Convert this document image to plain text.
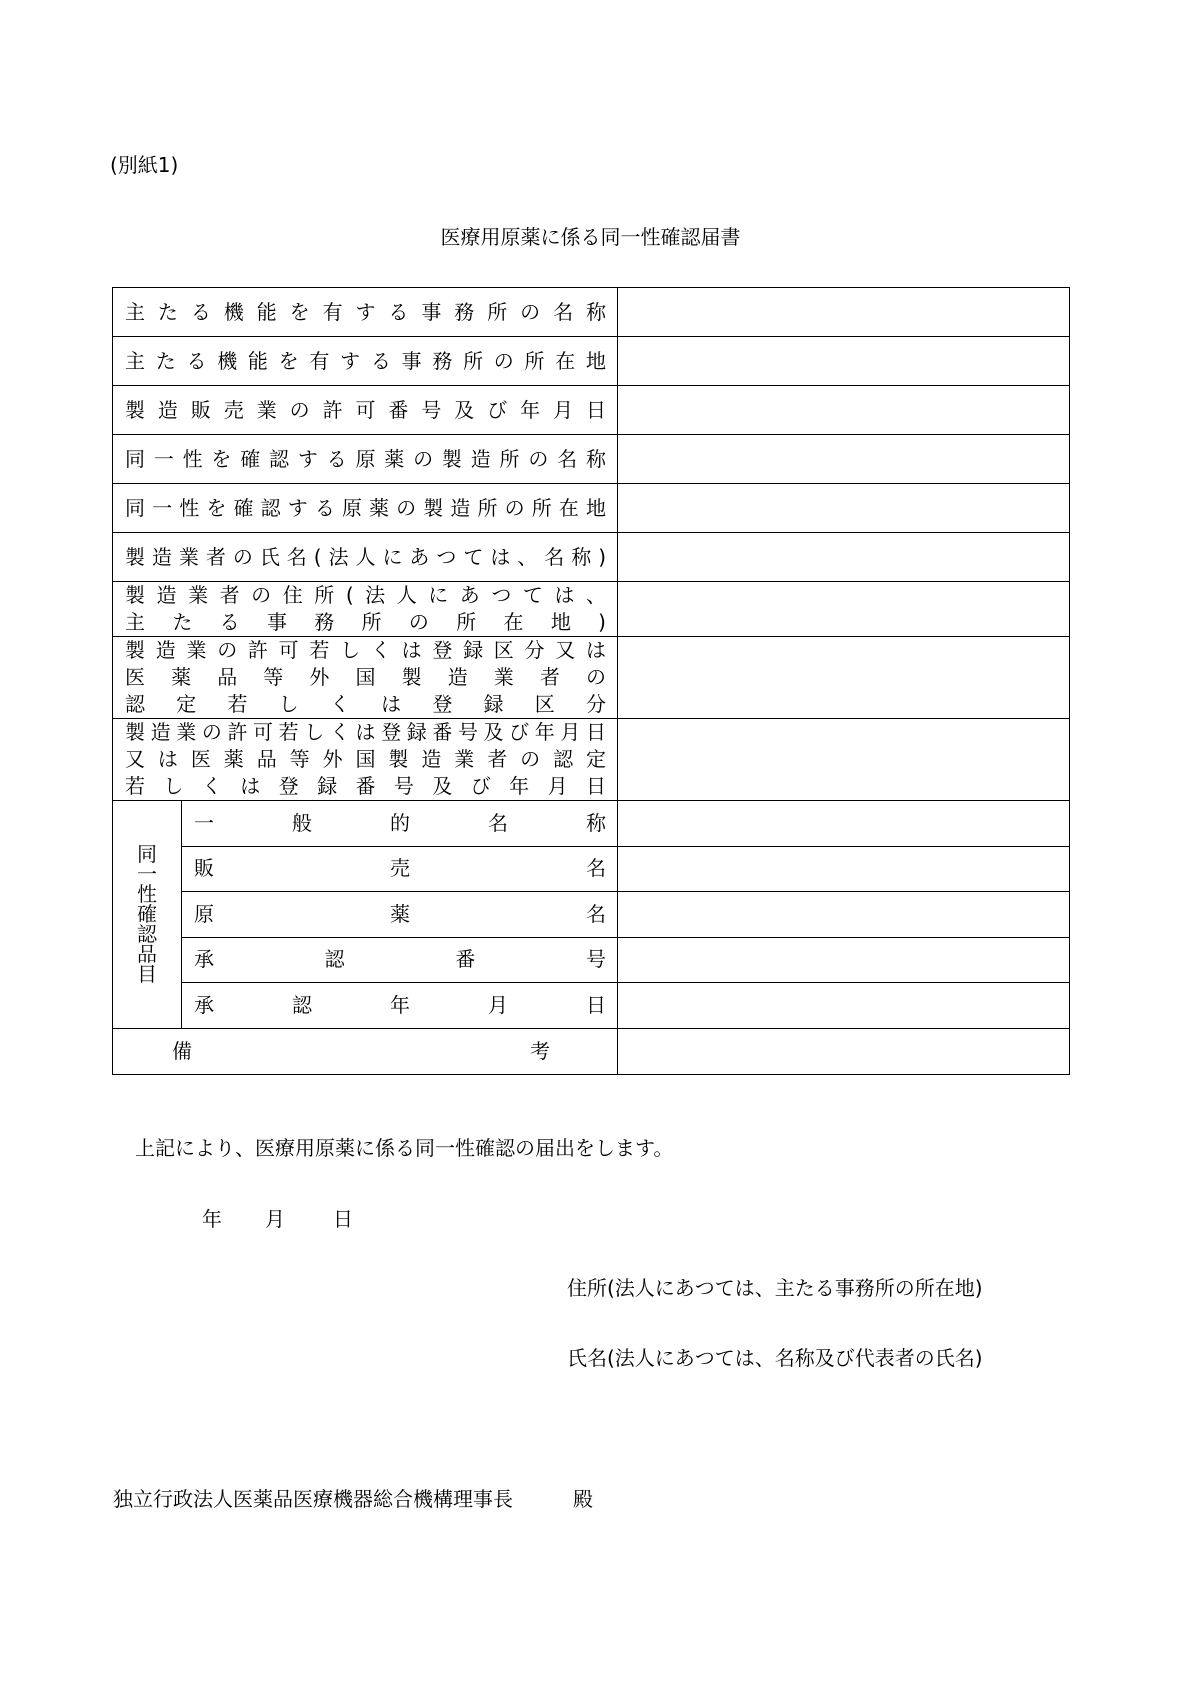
(別紙1)
医療用原薬に係る同一性確認届書
主たる機能を有する事務所の名称		

主たる機能を有する事務所の所在地		

製造販売業の許可番号及び年月日		

同一性を確認する原薬の製造所の名称		

同一性を確認する原薬の製造所の所在地		

製造業者の氏名(法人にあつては、名称)		

製造業者の住所(法人にあつては、
主たる事務所の所在地)		

製造業の許可若しくは登録区分又は
医薬品等外国製造業者の
認定若しくは登録区分		

製造業の許可若しくは登録番号及び年月日
又は医薬品等外国製造業者の認定
若しくは登録番号及び年月日		

同一性確認品目	一般的名称	

	販売名	

	原薬名	

	承認番号	

	承認年月日	

備考		

上記により、医療用原薬に係る同一性確認の届出をします。
年 月 日
住所(法人にあつては、主たる事務所の所在地)
氏名(法人にあつては、名称及び代表者の氏名)
独立行政法人医薬品医療機器総合機構理事長	殿
